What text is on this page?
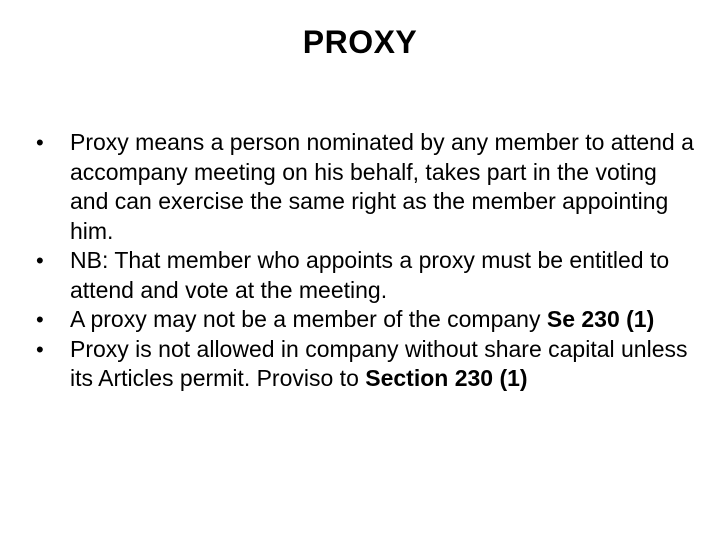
PROXY
•	Proxy means a person nominated by any member to attend a accompany meeting on his behalf, takes part in the voting and can exercise the same right as the member appointing him.
•	NB: That member who appoints a proxy must be entitled to attend and vote at the meeting.
•	A proxy may not be a member of the company Se 230 (1)
•	Proxy is not allowed in company without share capital unless its Articles permit. Proviso to Section 230 (1)
